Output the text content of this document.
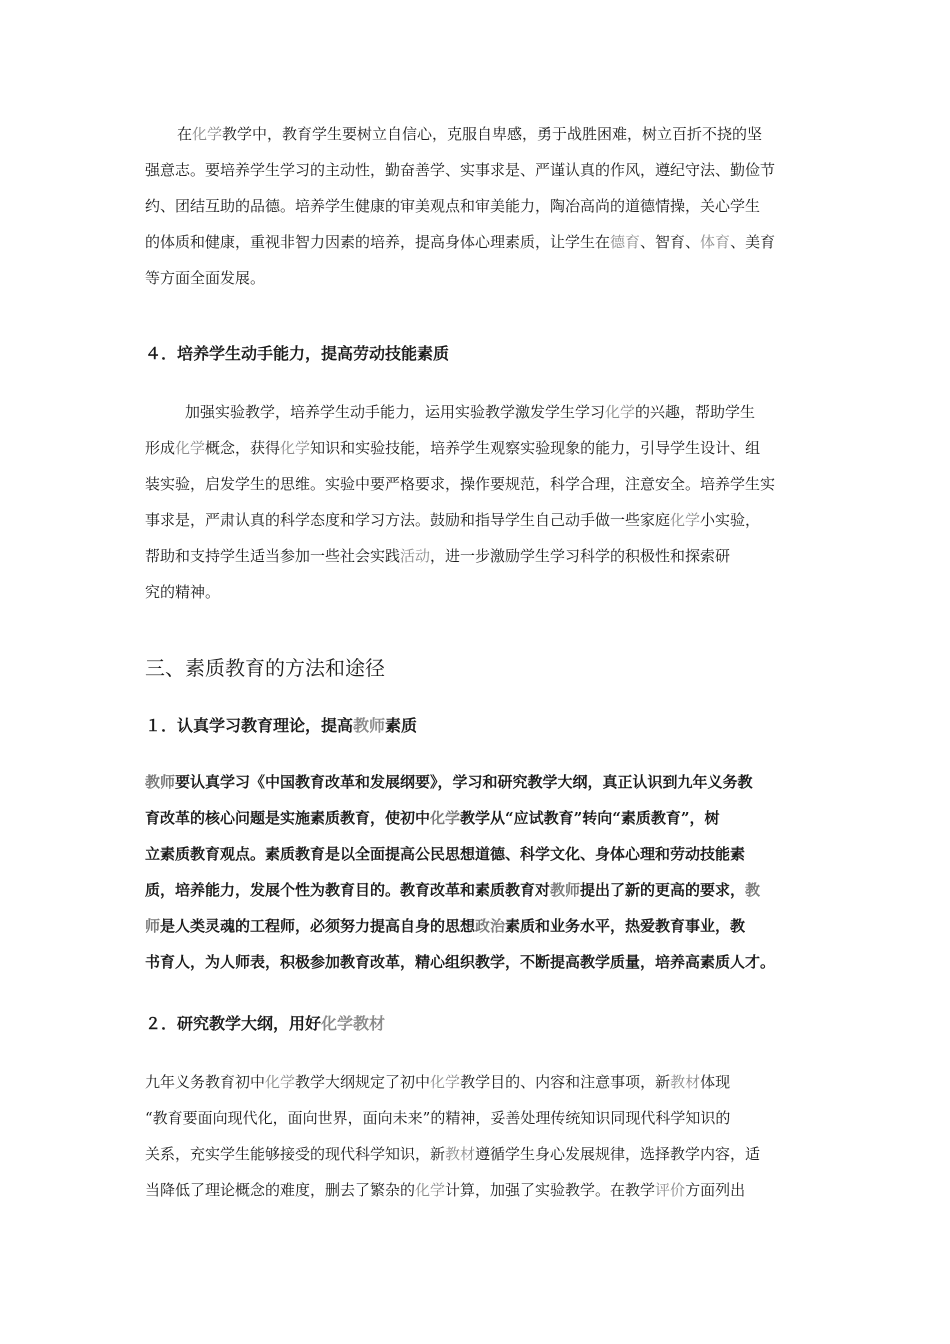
在化学教学中，教育学生要树立自信心，克服自卑感，勇于战胜困难，树立百折不挠的坚
强意志。要培养学生学习的主动性，勤奋善学、实事求是、严谨认真的作风，遵纪守法、勤俭节
约、团结互助的品德。培养学生健康的审美观点和审美能力，陶冶高尚的道德情操，关心学生
的体质和健康，重视非智力因素的培养，提高身体心理素质，让学生在德育、智育、体育、美育
等方面全面发展。
４．培养学生动手能力，提高劳动技能素质
加强实验教学，培养学生动手能力，运用实验教学激发学生学习化学的兴趣，帮助学生
形成化学概念，获得化学知识和实验技能，培养学生观察实验现象的能力，引导学生设计、组
装实验，启发学生的思维。实验中要严格要求，操作要规范，科学合理，注意安全。培养学生实
事求是，严肃认真的科学态度和学习方法。鼓励和指导学生自己动手做一些家庭化学小实验，
帮助和支持学生适当参加一些社会实践活动，进一步激励学生学习科学的积极性和探索研
究的精神。
三、素质教育的方法和途径
１．认真学习教育理论，提高教师素质
教师要认真学习《中国教育改革和发展纲要》，学习和研究教学大纲，真正认识到九年义务教
育改革的核心问题是实施素质教育，使初中化学教学从“应试教育”转向“素质教育”，树
立素质教育观点。素质教育是以全面提高公民思想道德、科学文化、身体心理和劳动技能素
质，培养能力，发展个性为教育目的。教育改革和素质教育对教师提出了新的更高的要求，教
师是人类灵魂的工程师，必须努力提高自身的思想政治素质和业务水平，热爱教育事业，教
书育人，为人师表，积极参加教育改革，精心组织教学，不断提高教学质量，培养高素质人才。
２．研究教学大纲，用好化学教材
九年义务教育初中化学教学大纲规定了初中化学教学目的、内容和注意事项，新教材体现
“教育要面向现代化，面向世界，面向未来”的精神，妥善处理传统知识同现代科学知识的
关系，充实学生能够接受的现代科学知识，新教材遵循学生身心发展规律，选择教学内容，适
当降低了理论概念的难度，删去了繁杂的化学计算，加强了实验教学。在教学评价方面列出
